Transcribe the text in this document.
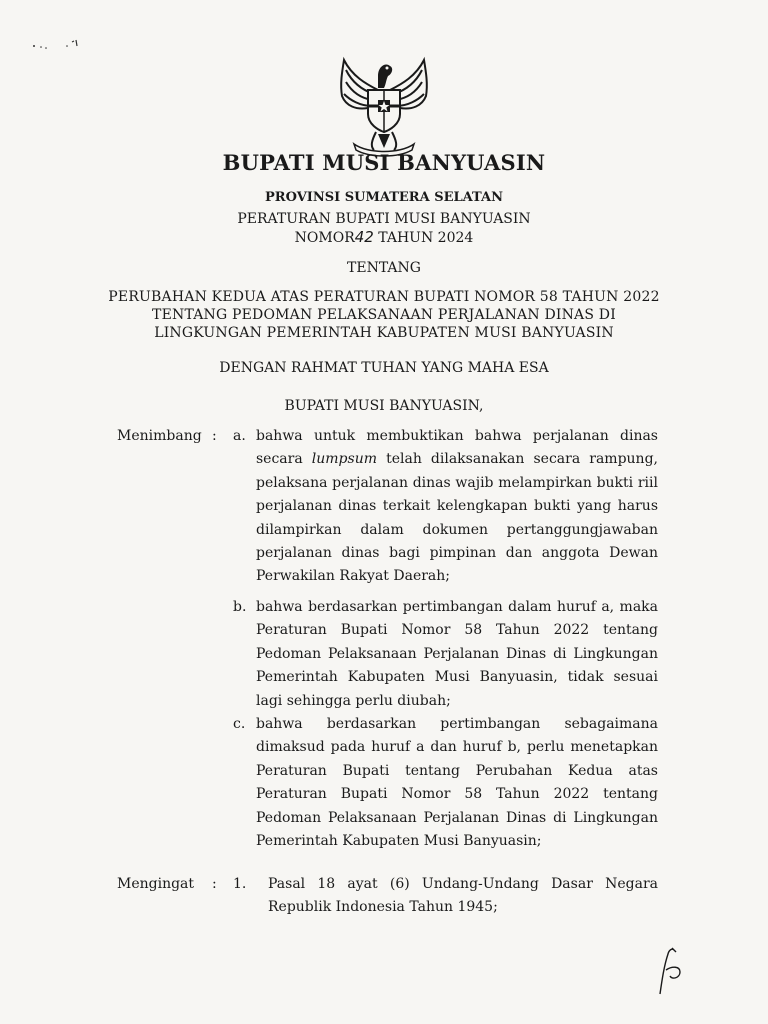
BUPATI MUSI BANYUASIN
PROVINSI SUMATERA SELATAN
PERATURAN BUPATI MUSI BANYUASIN
NOMOR42 TAHUN 2024
TENTANG
PERUBAHAN KEDUA ATAS PERATURAN BUPATI NOMOR 58 TAHUN 2022
TENTANG PEDOMAN PELAKSANAAN PERJALANAN DINAS DI
LINGKUNGAN PEMERINTAH KABUPATEN MUSI BANYUASIN
DENGAN RAHMAT TUHAN YANG MAHA ESA
BUPATI MUSI BANYUASIN,
Menimbang : a. bahwa untuk membuktikan bahwa perjalanan dinas secara lumpsum telah dilaksanakan secara rampung, pelaksana perjalanan dinas wajib melampirkan bukti riil perjalanan dinas terkait kelengkapan bukti yang harus dilampirkan dalam dokumen pertanggungjawaban perjalanan dinas bagi pimpinan dan anggota Dewan Perwakilan Rakyat Daerah;

b. bahwa berdasarkan pertimbangan dalam huruf a, maka Peraturan Bupati Nomor 58 Tahun 2022 tentang Pedoman Pelaksanaan Perjalanan Dinas di Lingkungan Pemerintah Kabupaten Musi Banyuasin, tidak sesuai lagi sehingga perlu diubah;
c. bahwa berdasarkan pertimbangan sebagaimana dimaksud pada huruf a dan huruf b, perlu menetapkan Peraturan Bupati tentang Perubahan Kedua atas Peraturan Bupati Nomor 58 Tahun 2022 tentang Pedoman Pelaksanaan Perjalanan Dinas di Lingkungan Pemerintah Kabupaten Musi Banyuasin;
Mengingat : 1. Pasal 18 ayat (6) Undang-Undang Dasar Negara Republik Indonesia Tahun 1945;
